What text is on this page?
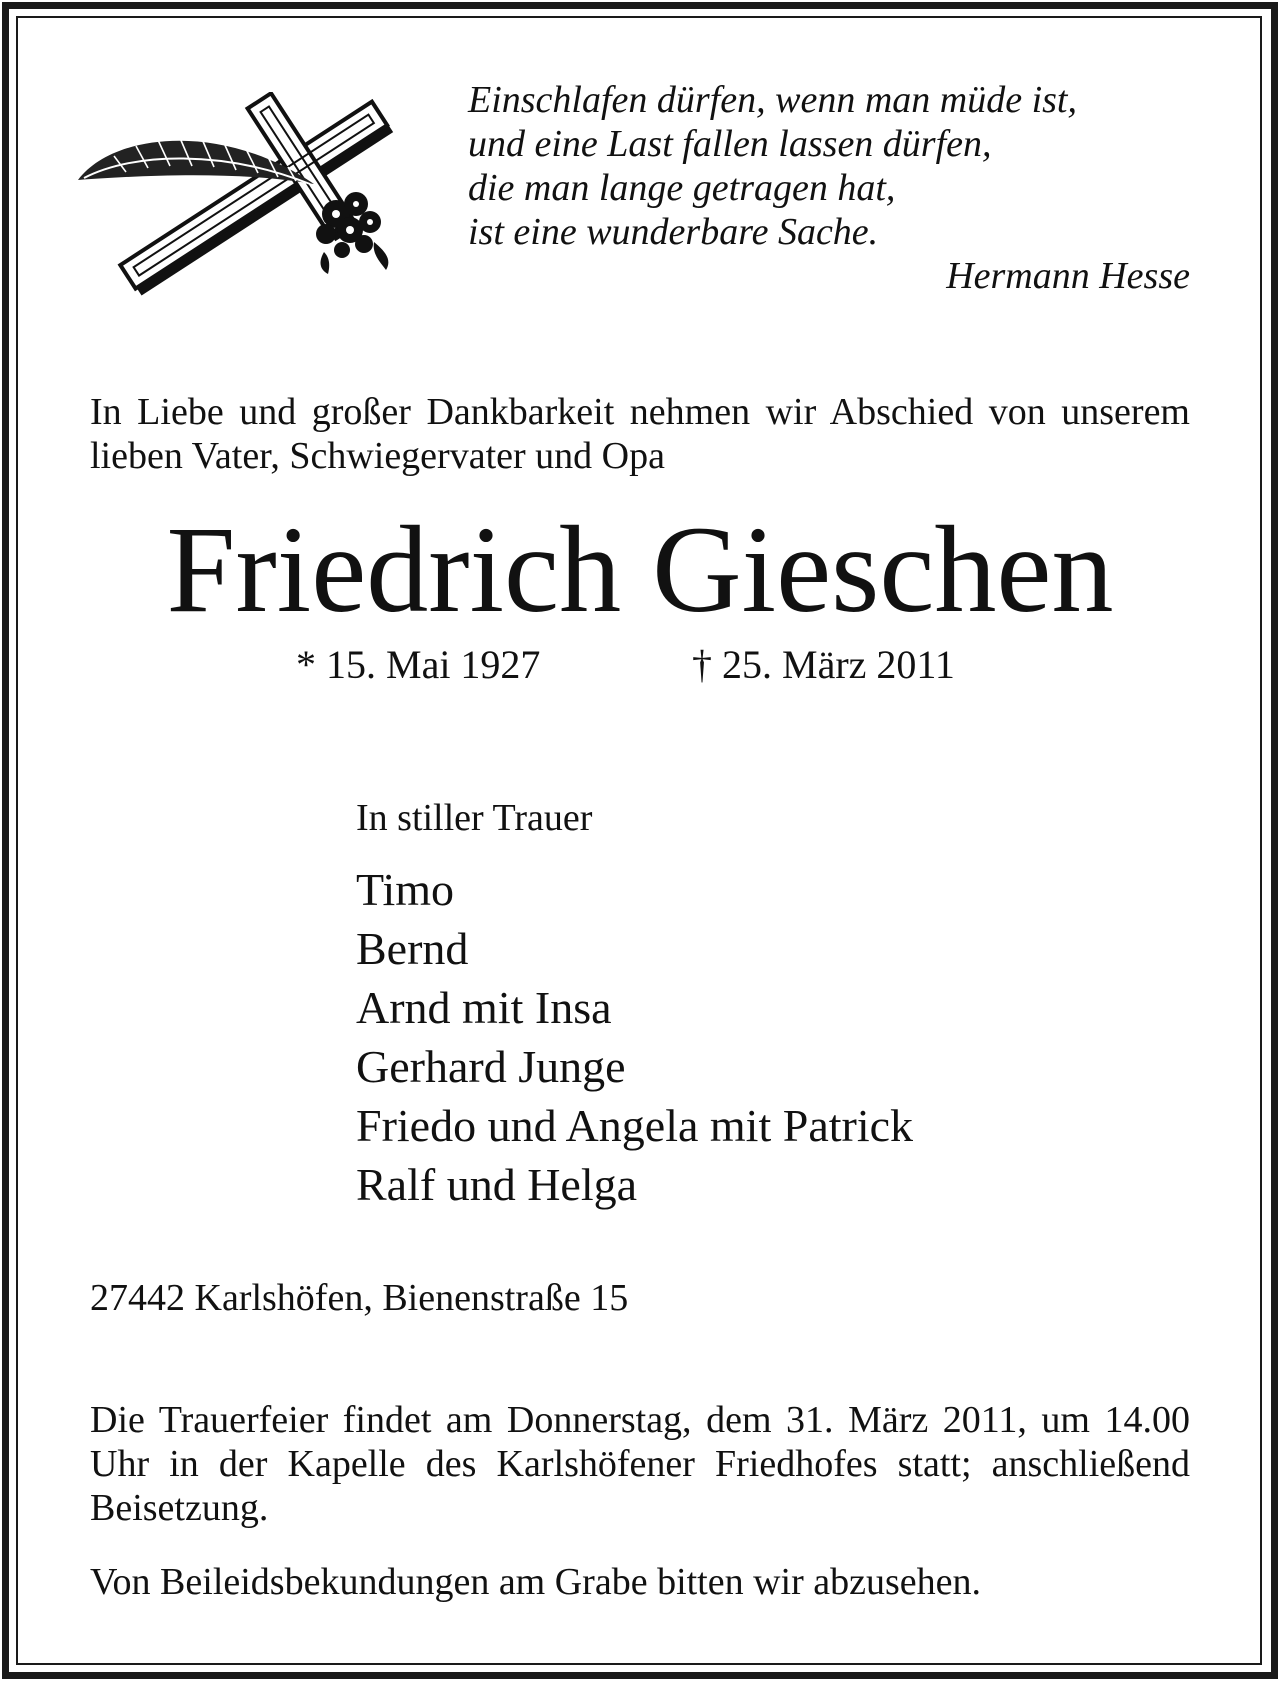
Einschlafen dürfen, wenn man müde ist,
und eine Last fallen lassen dürfen,
die man lange getragen hat,
ist eine wunderbare Sache.
Hermann Hesse
In Liebe und großer Dankbarkeit nehmen wir Abschied von unserem lieben Vater, Schwiegervater und Opa
Friedrich Gieschen
* 15. Mai 1927	† 25. März 2011
In stiller Trauer
Timo
Bernd
Arnd mit Insa
Gerhard Junge
Friedo und Angela mit Patrick
Ralf und Helga
27442 Karlshöfen, Bienenstraße 15
Die Trauerfeier findet am Donnerstag, dem 31. März 2011, um 14.00 Uhr in der Kapelle des Karlshöfener Friedhofes statt; anschließend Beisetzung.
Von Beileidsbekundungen am Grabe bitten wir abzusehen.
